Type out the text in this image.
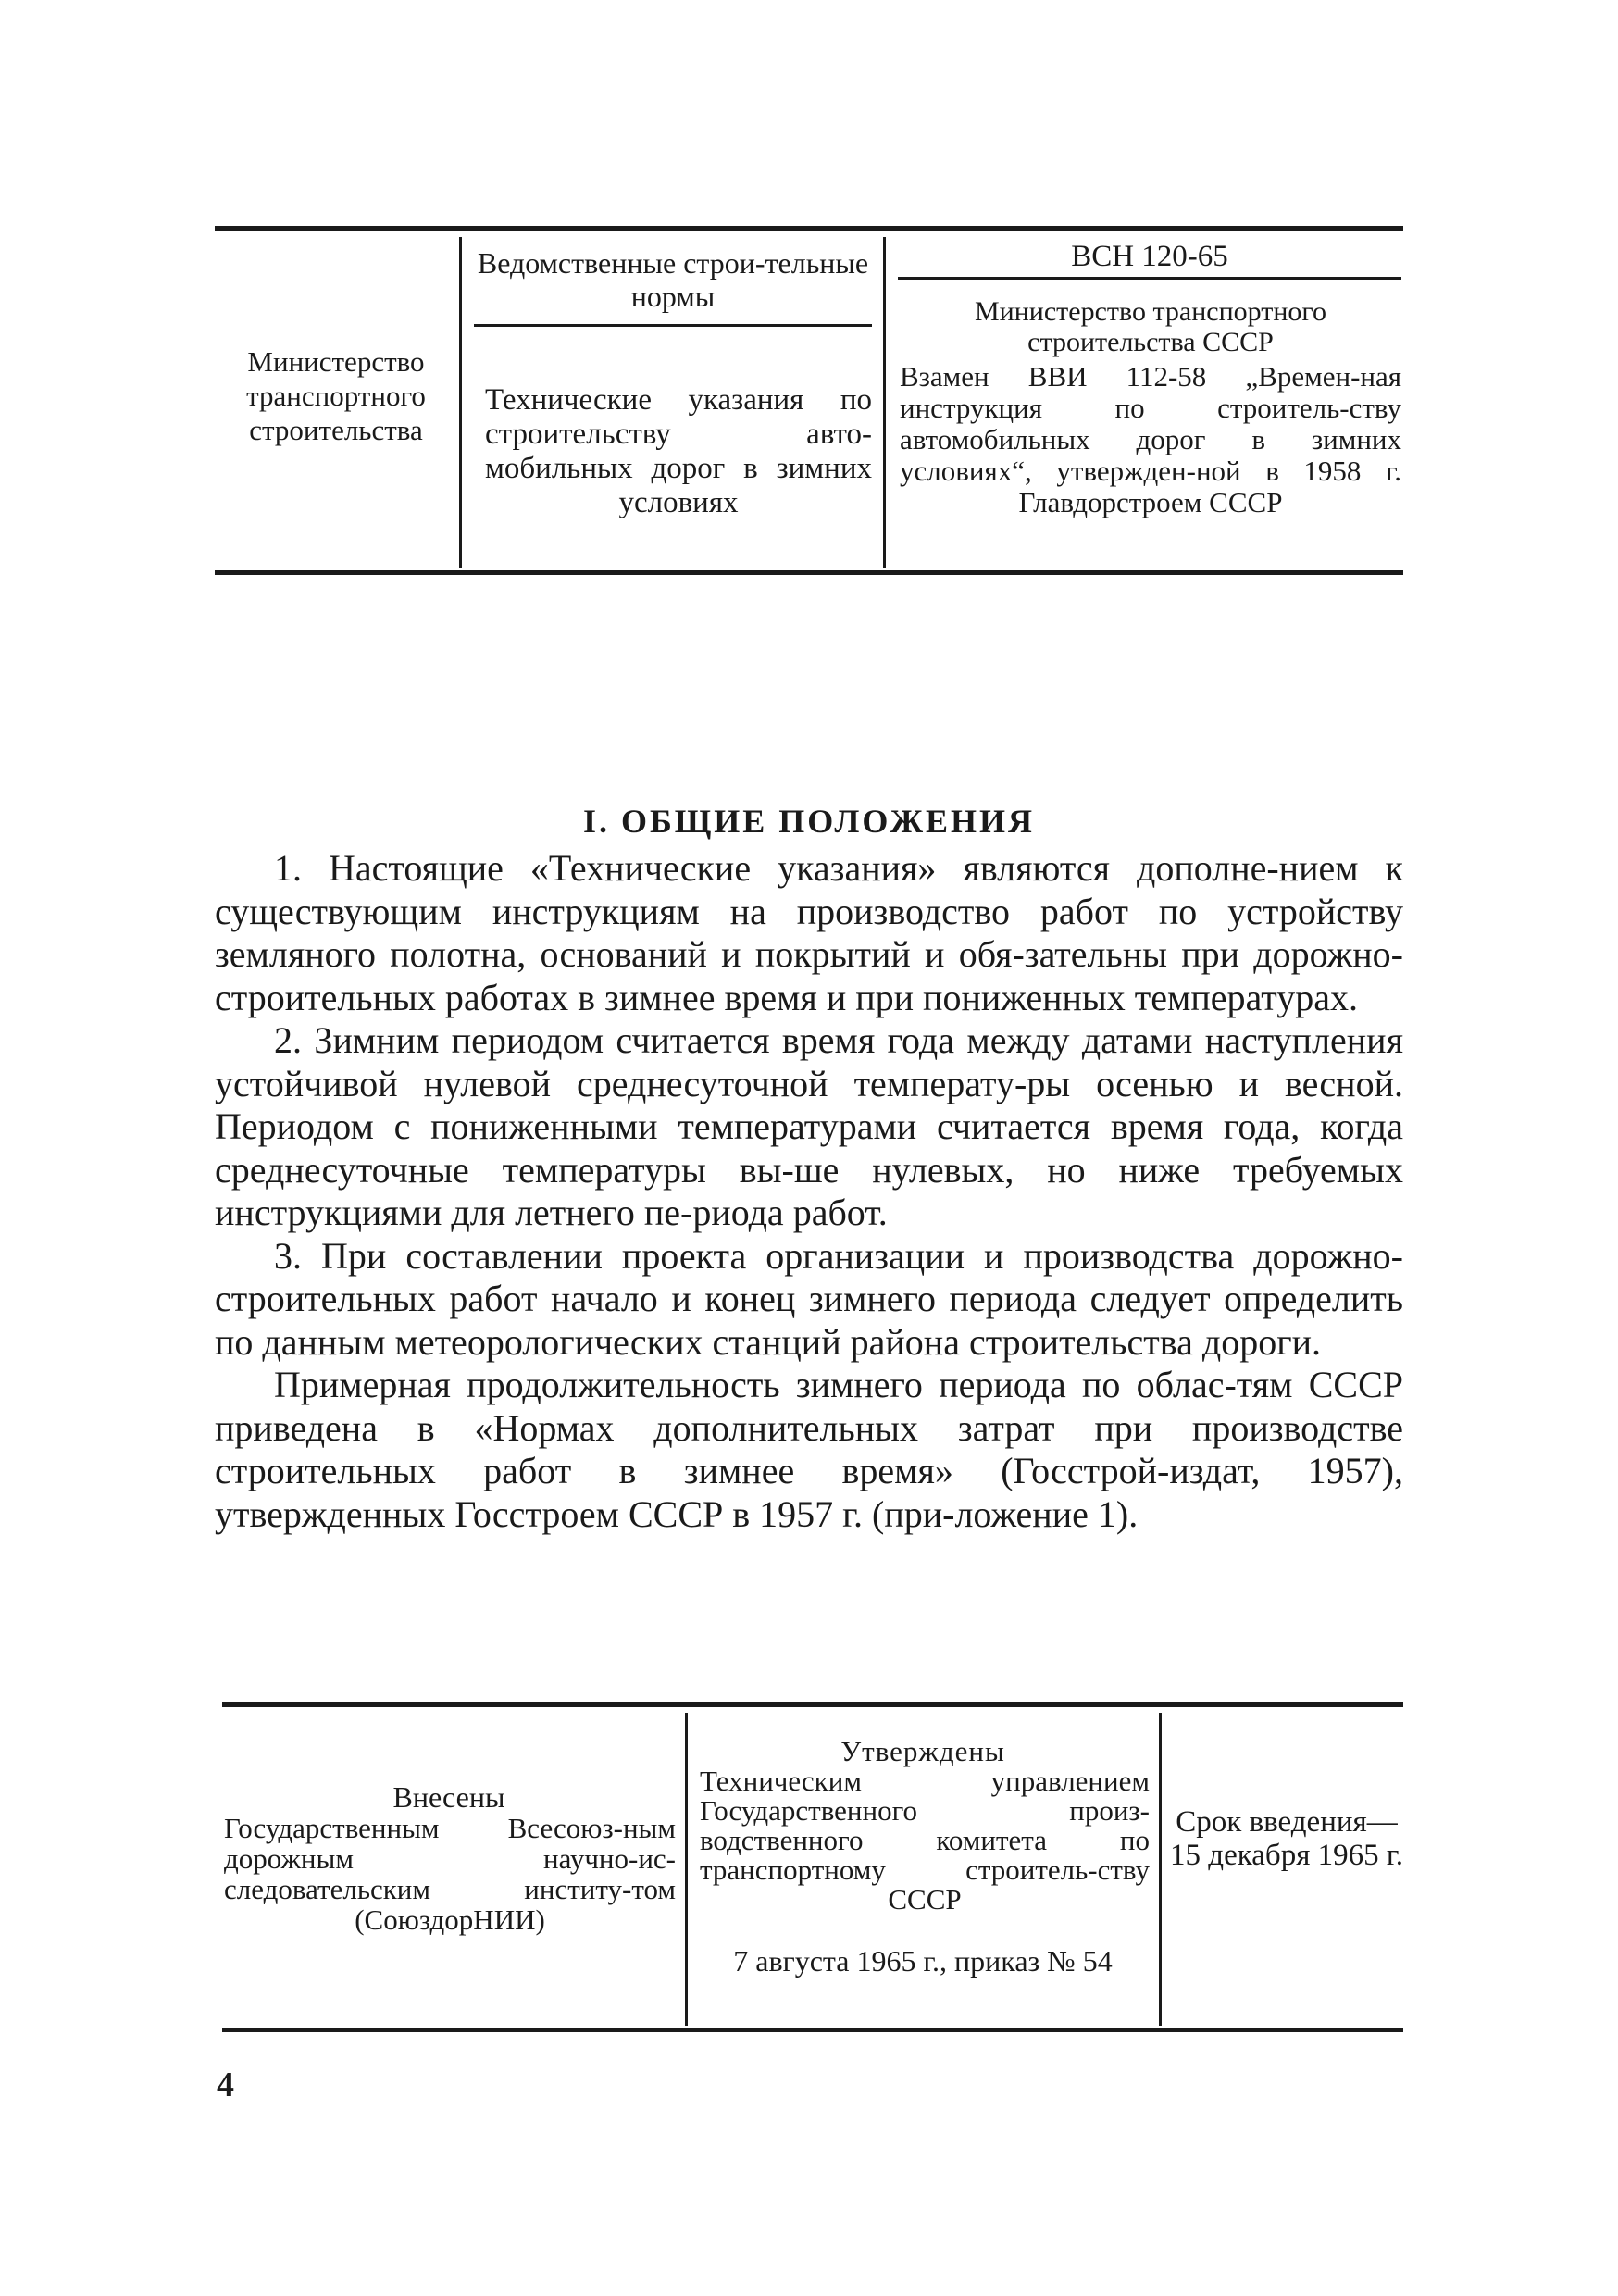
Министерство транспортного строительства
Ведомственные строи-тельные нормы
Технические указания по строительству авто-мобильных дорог в зимних условиях
ВСН 120-65
Министерство транспортного строительства СССР
Взамен ВВИ 112-58 „Времен-ная инструкция по строитель-ству автомобильных дорог в зимних условиях“, утвержден-ной в 1958 г. Главдорстроем СССР
I. ОБЩИЕ ПОЛОЖЕНИЯ

1. Настоящие «Технические указания» являются дополне-нием к существующим инструкциям на производство работ по устройству земляного полотна, оснований и покрытий и обя-зательны при дорожно-строительных работах в зимнее время и при пониженных температурах.

2. Зимним периодом считается время года между датами наступления устойчивой нулевой среднесуточной температу-ры осенью и весной. Периодом с пониженными температурами считается время года, когда среднесуточные температуры вы-ше нулевых, но ниже требуемых инструкциями для летнего пе-риода работ.

3. При составлении проекта организации и производства дорожно-строительных работ начало и конец зимнего периода следует определить по данным метеорологических станций района строительства дороги.

Примерная продолжительность зимнего периода по облас-тям СССР приведена в «Нормах дополнительных затрат при производстве строительных работ в зимнее время» (Госстрой-издат, 1957), утвержденных Госстроем СССР в 1957 г. (при-ложение 1).

Внесены
Государственным Всесоюз-ным дорожным научно-ис-следовательским институ-том (СоюздорНИИ)
Утверждены
Техническим управлением Государственного произ-водственного комитета по транспортному строитель-ству СССР
7 августа 1965 г., приказ № 54
Срок введения— 15 декабря 1965 г.
4
